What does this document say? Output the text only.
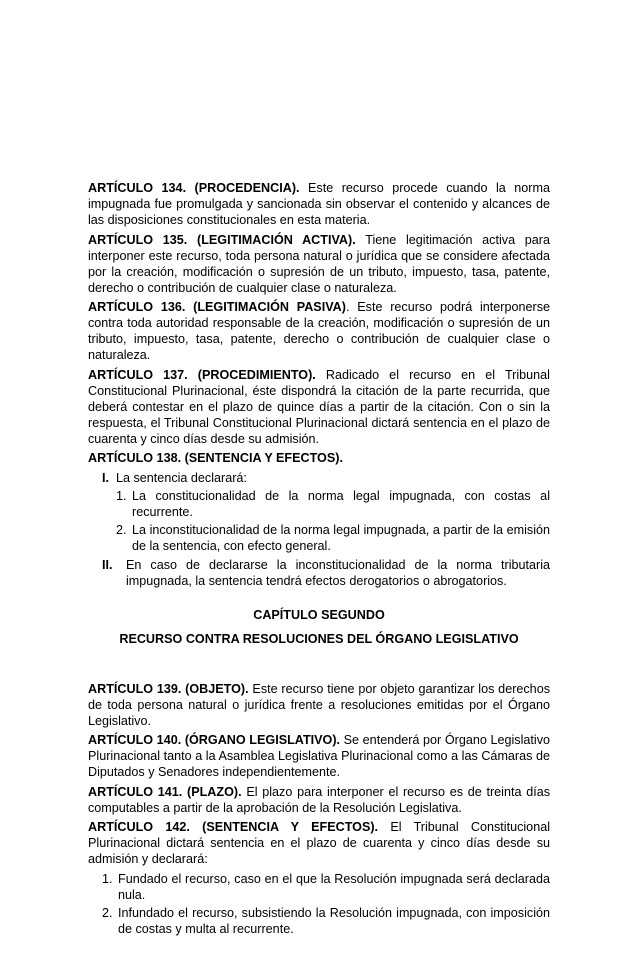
ARTÍCULO 134. (PROCEDENCIA). Este recurso procede cuando la norma impugnada fue promulgada y sancionada sin observar el contenido y alcances de las disposiciones constitucionales en esta materia.

ARTÍCULO 135. (LEGITIMACIÓN ACTIVA). Tiene legitimación activa para interponer este recurso, toda persona natural o jurídica que se considere afectada por la creación, modificación o supresión de un tributo, impuesto, tasa, patente, derecho o contribución de cualquier clase o naturaleza.

ARTÍCULO 136. (LEGITIMACIÓN PASIVA). Este recurso podrá interponerse contra toda autoridad responsable de la creación, modificación o supresión de un tributo, impuesto, tasa, patente, derecho o contribución de cualquier clase o naturaleza.

ARTÍCULO 137. (PROCEDIMIENTO). Radicado el recurso en el Tribunal Constitucional Plurinacional, éste dispondrá la citación de la parte recurrida, que deberá contestar en el plazo de quince días a partir de la citación. Con o sin la respuesta, el Tribunal Constitucional Plurinacional dictará sentencia en el plazo de cuarenta y cinco días desde su admisión.

ARTÍCULO 138. (SENTENCIA Y EFECTOS).

I. La sentencia declarará:
1. La constitucionalidad de la norma legal impugnada, con costas al recurrente.
2. La inconstitucionalidad de la norma legal impugnada, a partir de la emisión de la sentencia, con efecto general.
II.	En caso de declararse la inconstitucionalidad de la norma tributaria impugnada, la sentencia tendrá efectos derogatorios o abrogatorios.
CAPÍTULO SEGUNDO
RECURSO CONTRA RESOLUCIONES DEL ÓRGANO LEGISLATIVO

ARTÍCULO 139. (OBJETO). Este recurso tiene por objeto garantizar los derechos de toda persona natural o jurídica frente a resoluciones emitidas por el Órgano Legislativo.

ARTÍCULO 140. (ÓRGANO LEGISLATIVO). Se entenderá por Órgano Legislativo Plurinacional tanto a la Asamblea Legislativa Plurinacional como a las Cámaras de Diputados y Senadores independientemente.

ARTÍCULO 141. (PLAZO). El plazo para interponer el recurso es de treinta días computables a partir de la aprobación de la Resolución Legislativa.

ARTÍCULO 142. (SENTENCIA Y EFECTOS). El Tribunal Constitucional Plurinacional dictará sentencia en el plazo de cuarenta y cinco días desde su admisión y declarará:

1. Fundado el recurso, caso en el que la Resolución impugnada será declarada nula.
2. Infundado el recurso, subsistiendo la Resolución impugnada, con imposición de costas y multa al recurrente.
